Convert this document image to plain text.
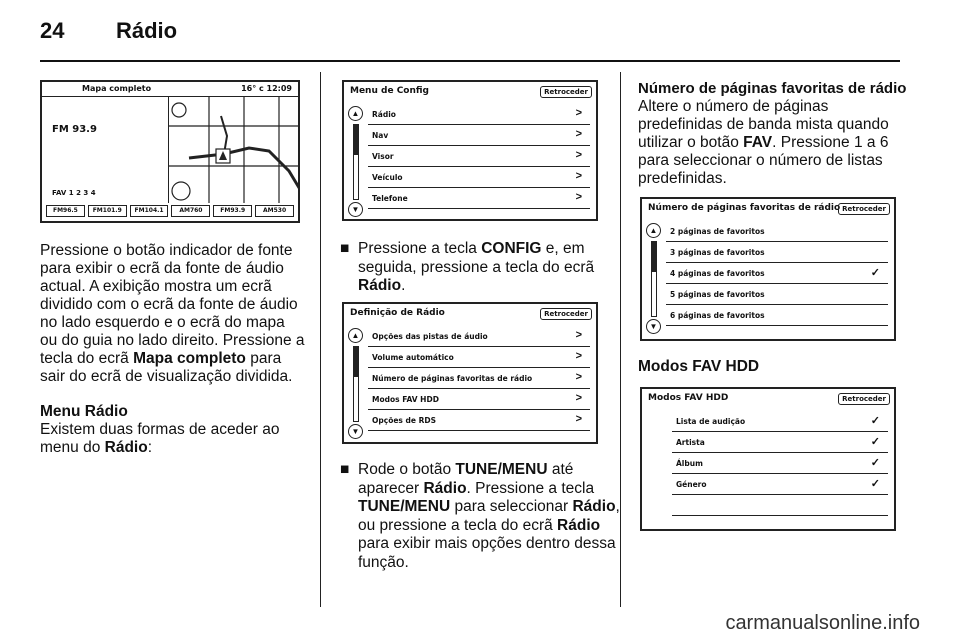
24 Rádio
Mapa completo	16° c 12:09
FM 93.9
FAV 1 2 3 4
FM96.5	FM101.9	FM104.1	AM760	FM93.9	AM530

Pressione o botão indicador de fonte para exibir o ecrã da fonte de áudio actual. A exibição mostra um ecrã dividido com o ecrã da fonte de áudio no lado esquerdo e o ecrã do mapa ou do guia no lado direito. Pressione a tecla do ecrã Mapa completo para sair do ecrã de visualização dividida.

Menu Rádio

Existem duas formas de aceder ao menu do Rádio:

Menu de Config	Retroceder
▲
▼
Rádio	>
Nav	>
Visor	>
Veículo	>
Telefone	>
■ Pressione a tecla CONFIG e, em seguida, pressione a tecla do ecrã Rádio.
Definição de Rádio	Retroceder
▲
▼
Opções das pistas de áudio	>
Volume automático	>
Número de páginas favoritas de rádio	>
Modos FAV HDD	>
Opções de RDS	>
■ Rode o botão TUNE/MENU até aparecer Rádio. Pressione a tecla TUNE/MENU para seleccionar Rádio, ou pressione a tecla do ecrã Rádio para exibir mais opções dentro dessa função.
Número de páginas favoritas de rádio

Altere o número de páginas predefinidas de banda mista quando utilizar o botão FAV. Pressione 1 a 6 para seleccionar o número de listas predefinidas.

Número de páginas favoritas de rádio Retroceder
▲
▼
2 páginas de favoritos
3 páginas de favoritos
4 páginas de favoritos	✓
5 páginas de favoritos
6 páginas de favoritos
Modos FAV HDD
Modos FAV HDD	Retroceder
Lista de audição	✓
Artista	✓
Álbum	✓
Género	✓
carmanualsonline.info
